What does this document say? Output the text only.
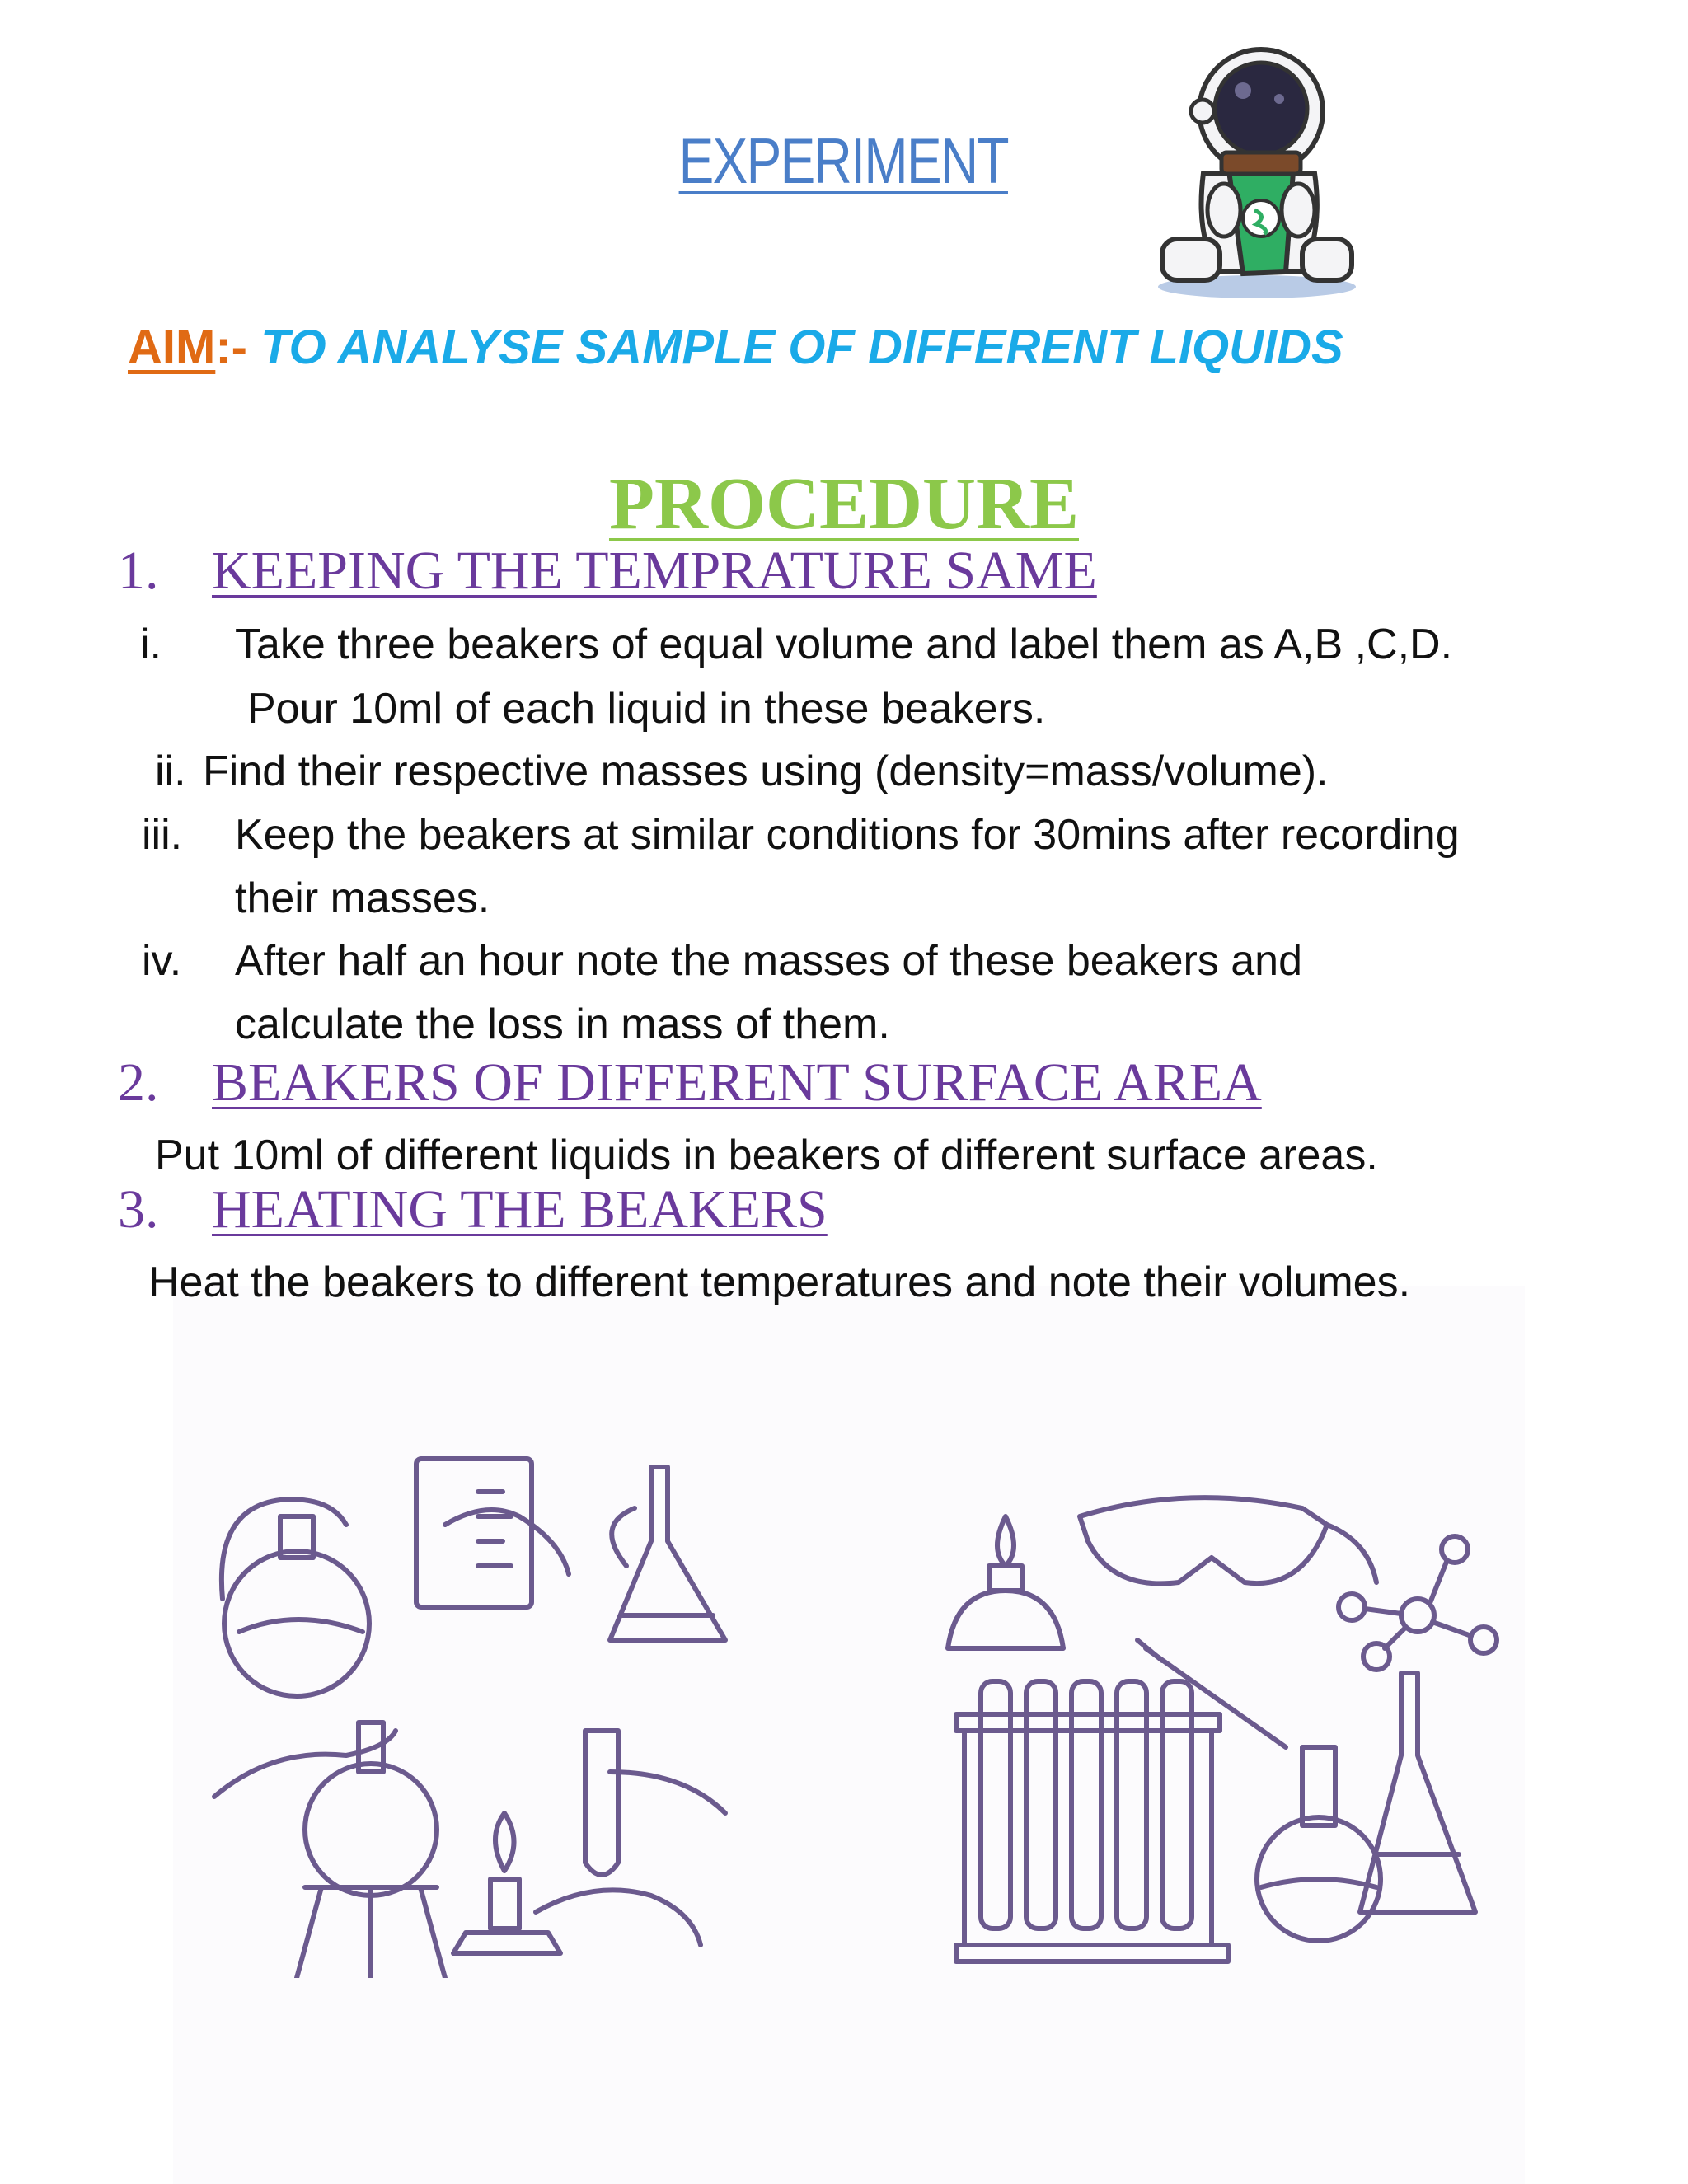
EXPERIMENT
AIM:- TO ANALYSE SAMPLE OF DIFFERENT LIQUIDS
PROCEDURE
1. KEEPING THE TEMPRATURE SAME
i. Take three beakers of equal volume and label them as A,B ,C,D.
Pour 10ml of each liquid in these beakers.
ii. Find their respective masses using (density=mass/volume).
iii. Keep the beakers at similar conditions for 30mins after recording
their masses.
iv. After half an hour note the masses of these beakers and
calculate the loss in mass of them.
2. BEAKERS OF DIFFERENT SURFACE AREA
Put 10ml of different liquids in beakers of different surface areas.
3. HEATING THE BEAKERS
Heat the beakers to different temperatures and note their volumes.
